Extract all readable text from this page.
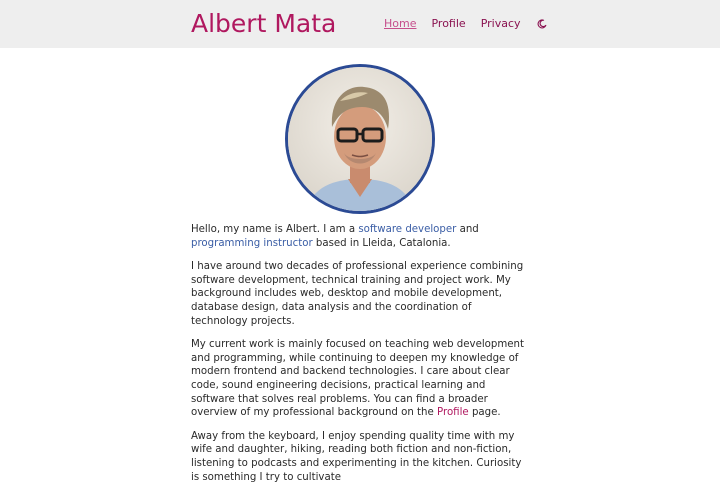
Albert Mata	Home Profile Privacy

Hello, my name is Albert. I am a software developer and programming instructor based in Lleida, Catalonia.

I have around two decades of professional experience combining software development, technical training and project work. My background includes web, desktop and mobile development, database design, data analysis and the coordination of technology projects.

My current work is mainly focused on teaching web development and programming, while continuing to deepen my knowledge of modern frontend and backend technologies. I care about clear code, sound engineering decisions, practical learning and software that solves real problems. You can find a broader overview of my professional background on the Profile page.

Away from the keyboard, I enjoy spending quality time with my wife and daughter, hiking, reading both fiction and non-fiction, listening to podcasts and experimenting in the kitchen. Curiosity is something I try to cultivate
